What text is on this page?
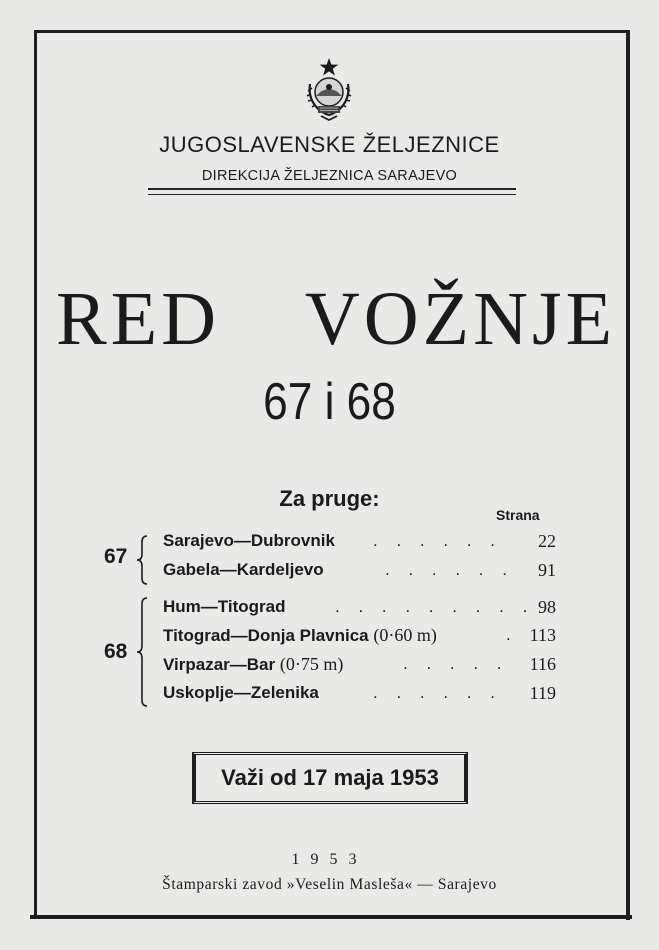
JUGOSLAVENSKE ŽELJEZNICE
DIREKCIJA ŽELJEZNICA SARAJEVO
RED  VOŽNJE
67 i 68
Za pruge:
Strana
67
Sarajevo—Dubrovnik . . . . . . 22
Gabela—Kardeljevo	. . . . . . 91
68
Hum—Titograd	. . . . . . . . . 98
Titograd—Donja Plavnica (0·60 m)	. 113
Virpazar—Bar (0·75 m)	. . . . . 116
Uskoplje—Zelenika	. . . . . . 119
Važi od 17 maja 1953
1953
Štamparski zavod »Veselin Masleša« — Sarajevo
